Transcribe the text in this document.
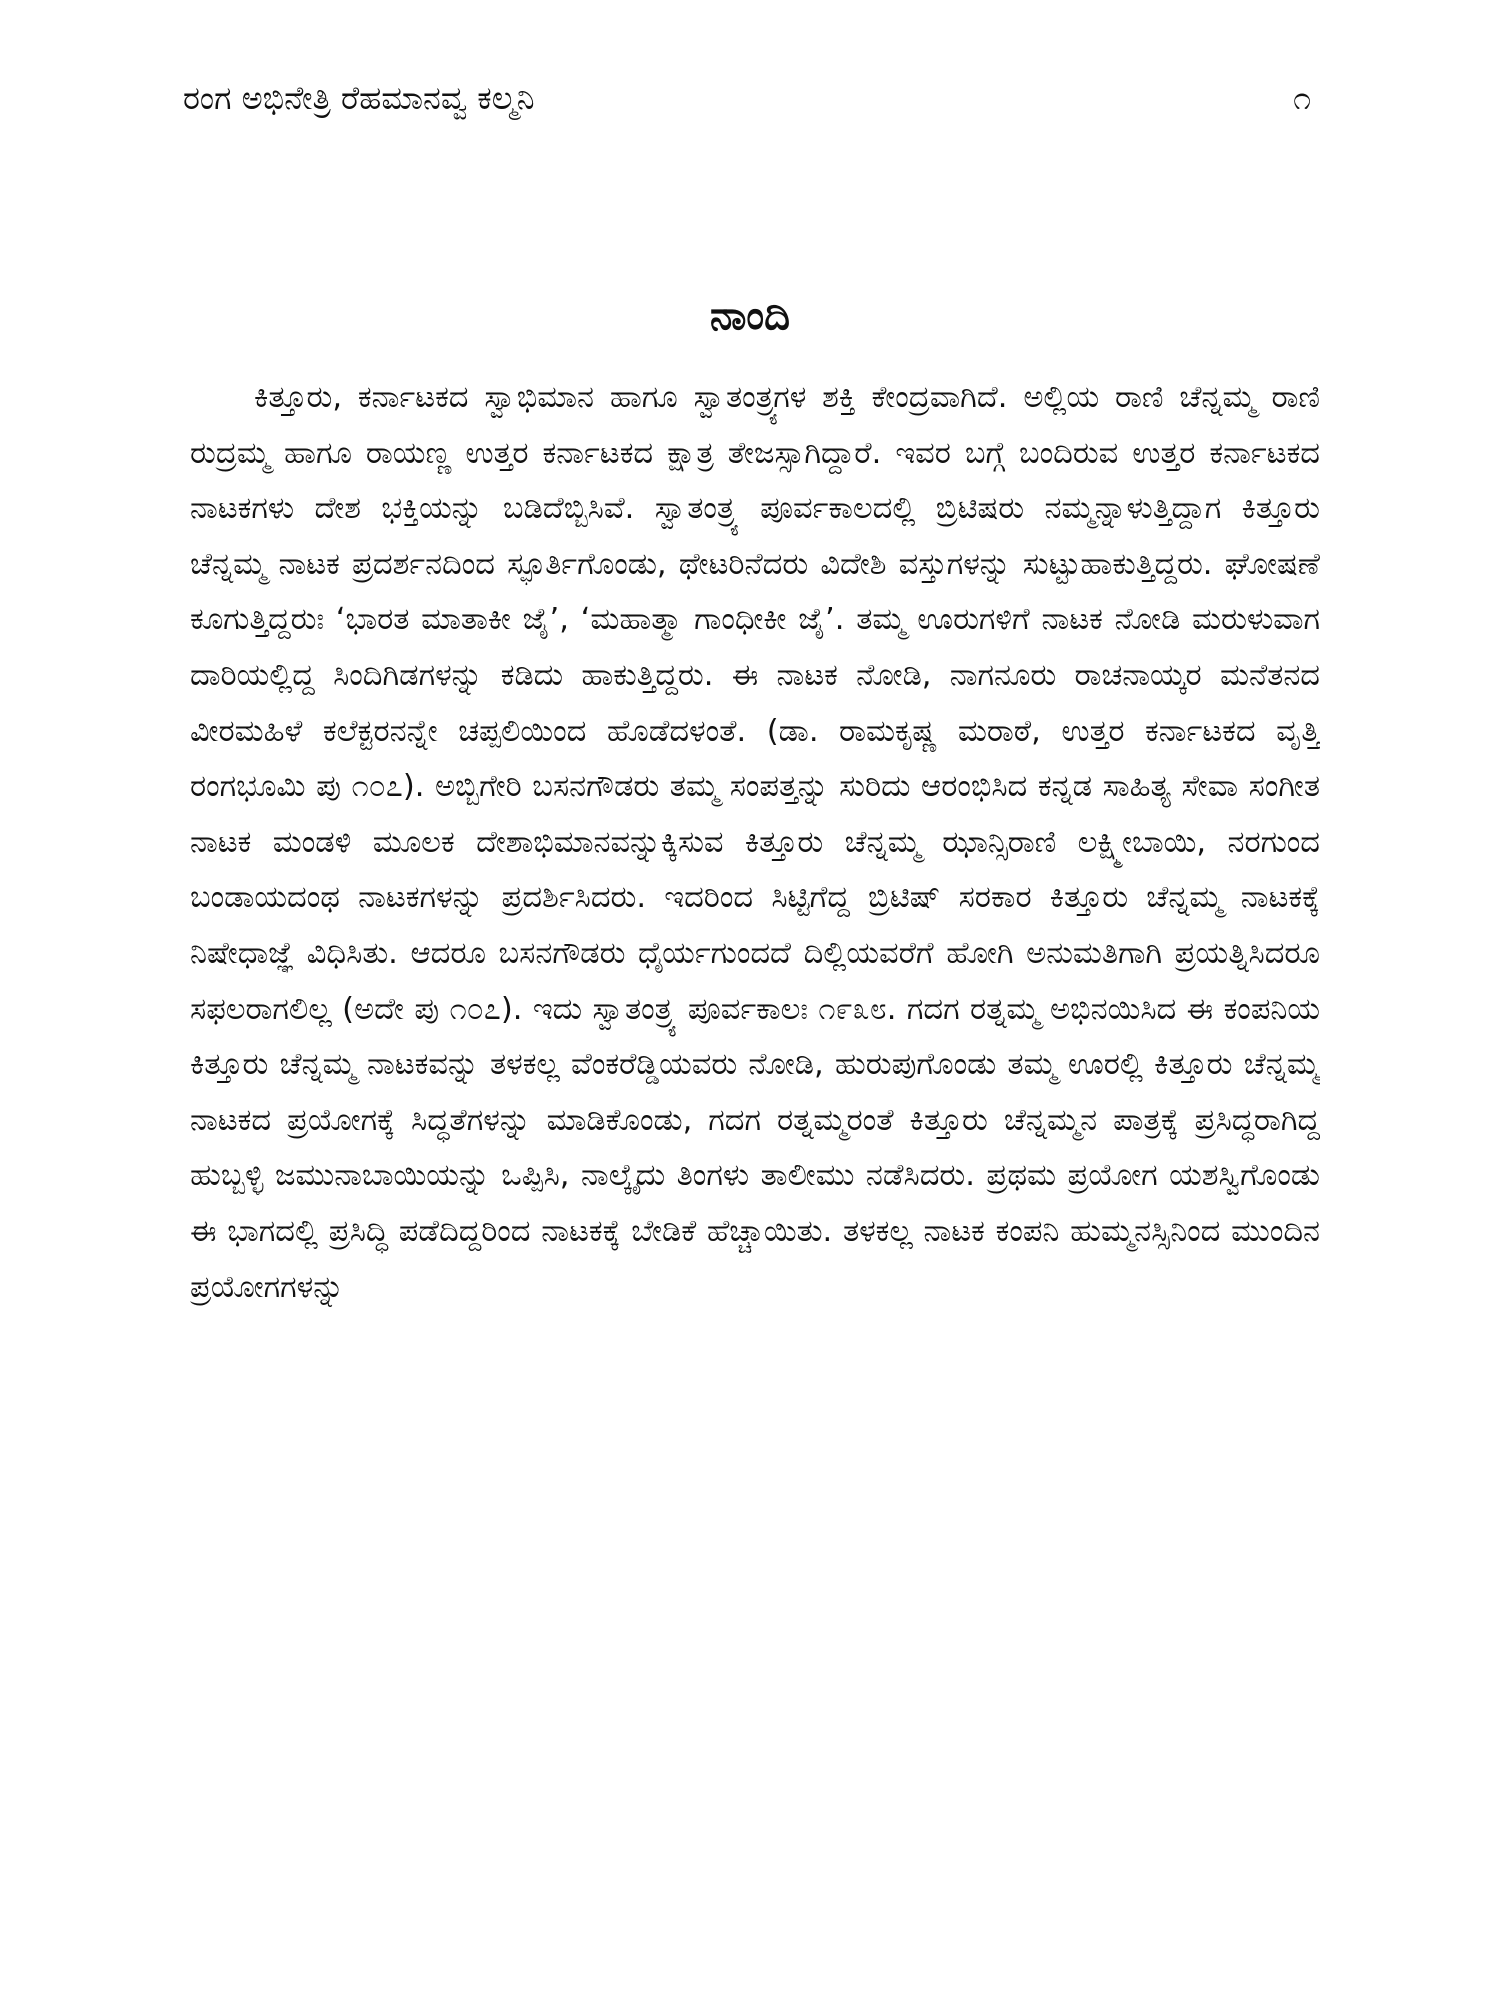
ರಂಗ ಅಭಿನೇತ್ರಿ ರೆಹಮಾನವ್ವ ಕಲ್ಮನಿ	೧
ನಾಂದಿ

ಕಿತ್ತೂರು, ಕರ್ನಾಟಕದ ಸ್ವಾಭಿಮಾನ ಹಾಗೂ ಸ್ವಾತಂತ್ರ್ಯಗಳ ಶಕ್ತಿ ಕೇಂದ್ರವಾಗಿದೆ. ಅಲ್ಲಿಯ ರಾಣಿ ಚೆನ್ನಮ್ಮ ರಾಣಿ ರುದ್ರಮ್ಮ ಹಾಗೂ ರಾಯಣ್ಣ ಉತ್ತರ ಕರ್ನಾಟಕದ ಕ್ಷಾತ್ರ ತೇಜಸ್ಸಾಗಿದ್ದಾರೆ. ಇವರ ಬಗ್ಗೆ ಬಂದಿರುವ ಉತ್ತರ ಕರ್ನಾಟಕದ ನಾಟಕಗಳು ದೇಶ ಭಕ್ತಿಯನ್ನು ಬಡಿದೆಬ್ಬಿಸಿವೆ. ಸ್ವಾತಂತ್ರ್ಯ ಪೂರ್ವಕಾಲದಲ್ಲಿ ಬ್ರಿಟಿಷರು ನಮ್ಮನ್ನಾಳುತ್ತಿದ್ದಾಗ ಕಿತ್ತೂರು ಚೆನ್ನಮ್ಮ ನಾಟಕ ಪ್ರದರ್ಶನದಿಂದ ಸ್ಫೂರ್ತಿಗೊಂಡು, ಥೇಟರಿನೆದರು ವಿದೇಶಿ ವಸ್ತುಗಳನ್ನು ಸುಟ್ಟುಹಾಕುತ್ತಿದ್ದರು. ಘೋಷಣೆ ಕೂಗುತ್ತಿದ್ದರುಃ ‘ಭಾರತ ಮಾತಾಕೀ ಜೈ’, ‘ಮಹಾತ್ಮಾ ಗಾಂಧೀಕೀ ಜೈ’. ತಮ್ಮ ಊರುಗಳಿಗೆ ನಾಟಕ ನೋಡಿ ಮರುಳುವಾಗ ದಾರಿಯಲ್ಲಿದ್ದ ಸಿಂದಿಗಿಡಗಳನ್ನು ಕಡಿದು ಹಾಕುತ್ತಿದ್ದರು. ಈ ನಾಟಕ ನೋಡಿ, ನಾಗನೂರು ರಾಚನಾಯ್ಕರ ಮನೆತನದ ವೀರಮಹಿಳೆ ಕಲೆಕ್ಟರನನ್ನೇ ಚಪ್ಪಲಿಯಿಂದ ಹೊಡೆದಳಂತೆ. (ಡಾ. ರಾಮಕೃಷ್ಣ ಮರಾಠೆ, ಉತ್ತರ ಕರ್ನಾಟಕದ ವೃತ್ತಿ ರಂಗಭೂಮಿ ಪು ೧೦೭). ಅಬ್ಬಿಗೇರಿ ಬಸನಗೌಡರು ತಮ್ಮ ಸಂಪತ್ತನ್ನು ಸುರಿದು ಆರಂಭಿಸಿದ ಕನ್ನಡ ಸಾಹಿತ್ಯ ಸೇವಾ ಸಂಗೀತ ನಾಟಕ ಮಂಡಳಿ ಮೂಲಕ ದೇಶಾಭಿಮಾನವನ್ನುಕ್ಕಿಸುವ ಕಿತ್ತೂರು ಚೆನ್ನಮ್ಮ ಝಾನ್ಸಿರಾಣಿ ಲಕ್ಷ್ಮೀಬಾಯಿ, ನರಗುಂದ ಬಂಡಾಯದಂಥ ನಾಟಕಗಳನ್ನು ಪ್ರದರ್ಶಿಸಿದರು. ಇದರಿಂದ ಸಿಟ್ಟಿಗೆದ್ದ ಬ್ರಿಟಿಷ್ ಸರಕಾರ ಕಿತ್ತೂರು ಚೆನ್ನಮ್ಮ ನಾಟಕಕ್ಕೆ ನಿಷೇಧಾಜ್ಞೆ ವಿಧಿಸಿತು. ಆದರೂ ಬಸನಗೌಡರು ಧೈರ್ಯಗುಂದದೆ ದಿಲ್ಲಿಯವರೆಗೆ ಹೋಗಿ ಅನುಮತಿಗಾಗಿ ಪ್ರಯತ್ನಿಸಿದರೂ ಸಫಲರಾಗಲಿಲ್ಲ (ಅದೇ ಪು ೧೦೭). ಇದು ಸ್ವಾತಂತ್ರ್ಯ ಪೂರ್ವಕಾಲಃ ೧೯೩೮. ಗದಗ ರತ್ನಮ್ಮ ಅಭಿನಯಿಸಿದ ಈ ಕಂಪನಿಯ ಕಿತ್ತೂರು ಚೆನ್ನಮ್ಮ ನಾಟಕವನ್ನು ತಳಕಲ್ಲ ವೆಂಕರೆಡ್ಡಿಯವರು ನೋಡಿ, ಹುರುಪುಗೊಂಡು ತಮ್ಮ ಊರಲ್ಲಿ ಕಿತ್ತೂರು ಚೆನ್ನಮ್ಮ ನಾಟಕದ ಪ್ರಯೋಗಕ್ಕೆ ಸಿದ್ಧತೆಗಳನ್ನು ಮಾಡಿಕೊಂಡು, ಗದಗ ರತ್ನಮ್ಮರಂತೆ ಕಿತ್ತೂರು ಚೆನ್ನಮ್ಮನ ಪಾತ್ರಕ್ಕೆ ಪ್ರಸಿದ್ಧರಾಗಿದ್ದ ಹುಬ್ಬಳ್ಳಿ ಜಮುನಾಬಾಯಿಯನ್ನು ಒಪ್ಪಿಸಿ, ನಾಲ್ಕೈದು ತಿಂಗಳು ತಾಲೀಮು ನಡೆಸಿದರು. ಪ್ರಥಮ ಪ್ರಯೋಗ ಯಶಸ್ವಿಗೊಂಡು ಈ ಭಾಗದಲ್ಲಿ ಪ್ರಸಿದ್ಧಿ ಪಡೆದಿದ್ದರಿಂದ ನಾಟಕಕ್ಕೆ ಬೇಡಿಕೆ ಹೆಚ್ಚಾಯಿತು. ತಳಕಲ್ಲ ನಾಟಕ ಕಂಪನಿ ಹುಮ್ಮನಸ್ಸಿನಿಂದ ಮುಂದಿನ ಪ್ರಯೋಗಗಳನ್ನು
